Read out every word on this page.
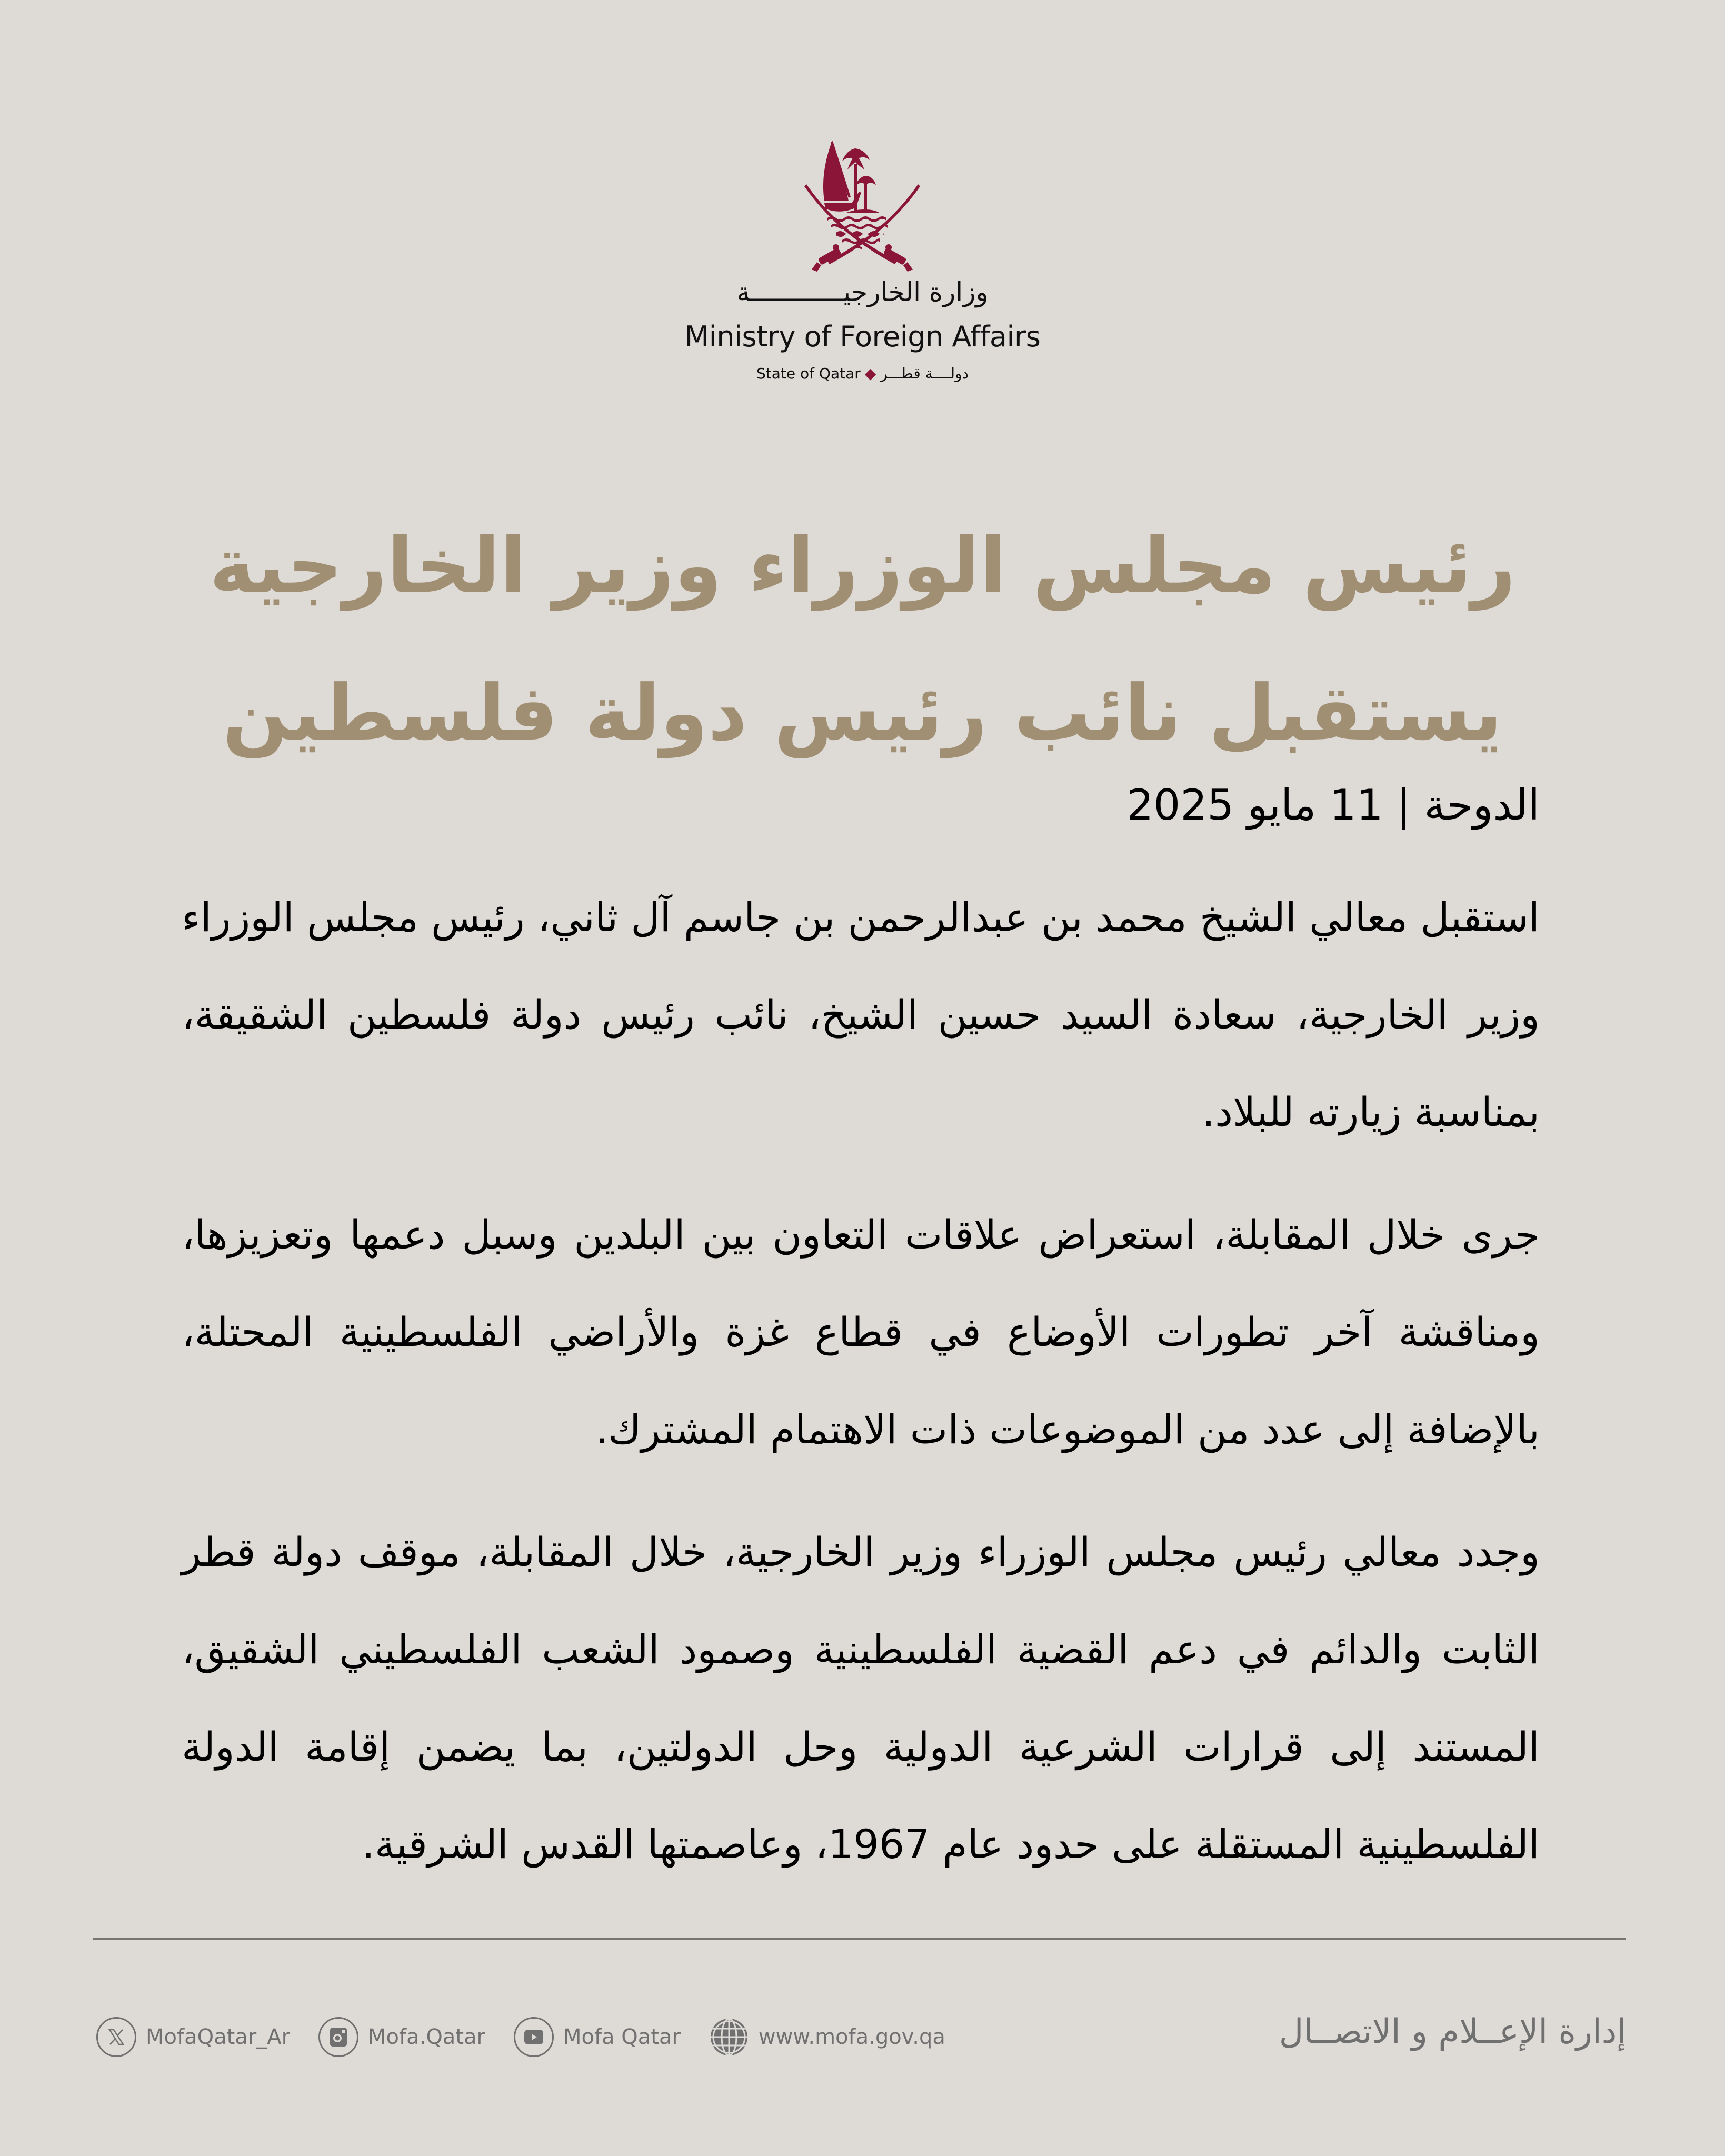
وزارة الخارجيــــــــــــة
Ministry of Foreign Affairs
State of Qatar ◆ دولــــة قطـــر
رئيس مجلس الوزراء وزير الخارجية
يستقبل نائب رئيس دولة فلسطين
الدوحة | 11 مايو 2025

استقبل معالي الشيخ محمد بن عبدالرحمن بن جاسم آل ثاني، رئيس مجلس الوزراء وزير الخارجية، سعادة السيد حسين الشيخ، نائب رئيس دولة فلسطين الشقيقة، بمناسبة زيارته للبلاد.

جرى خلال المقابلة، استعراض علاقات التعاون بين البلدين وسبل دعمها وتعزيزها، ومناقشة آخر تطورات الأوضاع في قطاع غزة والأراضي الفلسطينية المحتلة، بالإضافة إلى عدد من الموضوعات ذات الاهتمام المشترك.

وجدد معالي رئيس مجلس الوزراء وزير الخارجية، خلال المقابلة، موقف دولة قطر الثابت والدائم في دعم القضية الفلسطينية وصمود الشعب الفلسطيني الشقيق، المستند إلى قرارات الشرعية الدولية وحل الدولتين، بما يضمن إقامة الدولة الفلسطينية المستقلة على حدود عام 1967، وعاصمتها القدس الشرقية.

MofaQatar_Ar	Mofa.Qatar	Mofa Qatar	www.mofa.gov.qa	إدارة الإعــلام و الاتصــال
